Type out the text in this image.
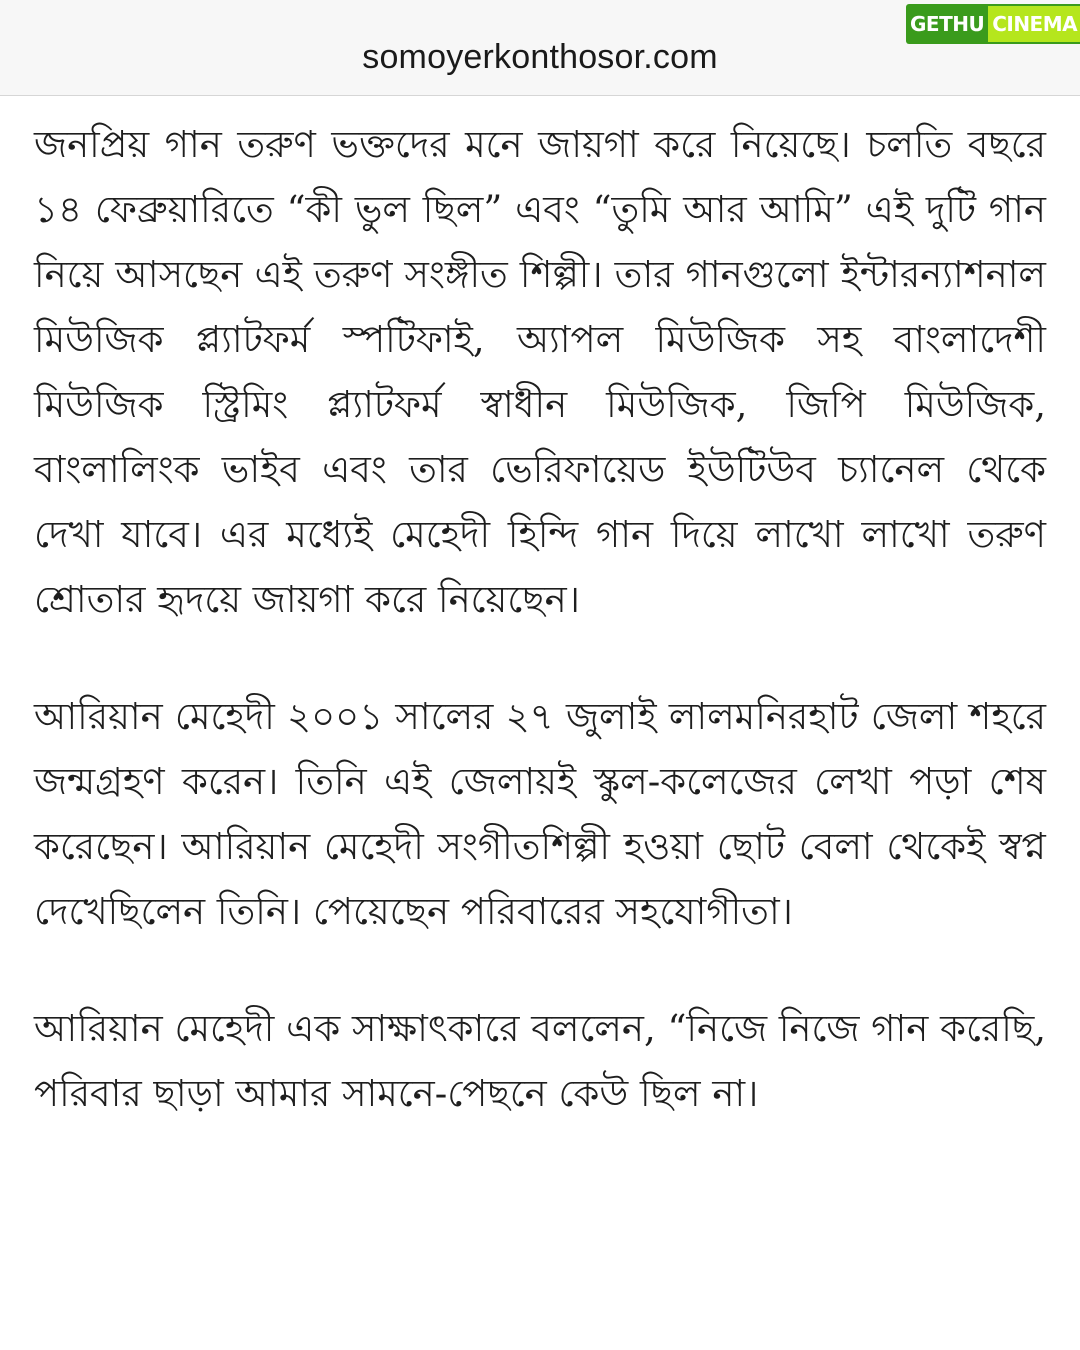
somoyerkonthosor.com
GETHU CINEMA

জনপ্রিয় গান তরুণ ভক্তদের মনে জায়গা করে নিয়েছে। চলতি বছরে ১৪ ফেব্রুয়ারিতে “কী ভুল ছিল” এবং “তুমি আর আমি” এই দুটি গান নিয়ে আসছেন এই তরুণ সংঙ্গীত শিল্পী। তার গানগুলো ইন্টারন্যাশনাল মিউজিক প্ল্যাটফর্ম স্পটিফাই, অ্যাপল মিউজিক সহ বাংলাদেশী মিউজিক স্ট্রিমিং প্ল্যাটফর্ম স্বাধীন মিউজিক, জিপি মিউজিক, বাংলালিংক ভাইব এবং তার ভেরিফায়েড ইউটিউব চ্যানেল থেকে দেখা যাবে। এর মধ্যেই মেহেদী হিন্দি গান দিয়ে লাখো লাখো তরুণ শ্রোতার হৃদয়ে জায়গা করে নিয়েছেন।

আরিয়ান মেহেদী ২০০১ সালের ২৭ জুলাই লালমনিরহাট জেলা শহরে জন্মগ্রহণ করেন। তিনি এই জেলায়ই স্কুল-কলেজের লেখা পড়া শেষ করেছেন। আরিয়ান মেহেদী সংগীতশিল্পী হওয়া ছোট বেলা থেকেই স্বপ্ন দেখেছিলেন তিনি। পেয়েছেন পরিবারের সহযোগীতা।

আরিয়ান মেহেদী এক সাক্ষাৎকারে বললেন, “নিজে নিজে গান করেছি, পরিবার ছাড়া আমার সামনে-পেছনে কেউ ছিল না।
